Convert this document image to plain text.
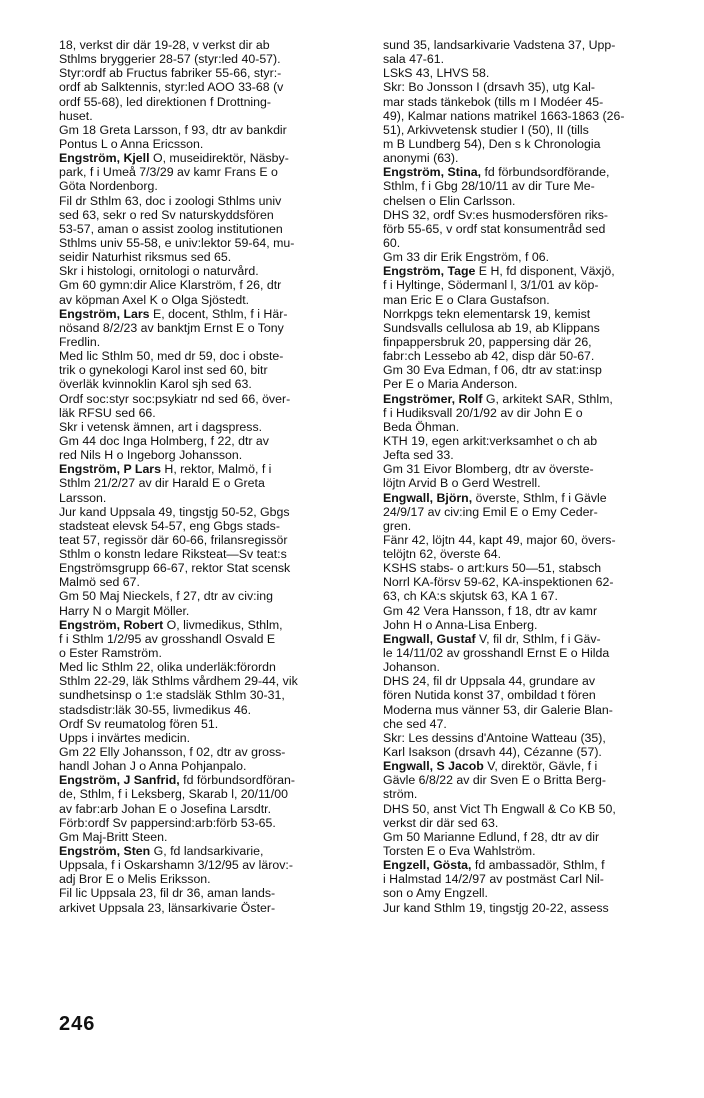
18, verkst dir där 19-28, v verkst dir ab
Sthlms bryggerier 28-57 (styr:led 40-57).
Styr:ordf ab Fructus fabriker 55-66, styr:-
ordf ab Salktennis, styr:led AOO 33-68 (v
ordf 55-68), led direktionen f Drottning-
huset.
Gm 18 Greta Larsson, f 93, dtr av bankdir
Pontus L o Anna Ericsson.
Engström, Kjell O, museidirektör, Näsby-
park, f i Umeå 7/3/29 av kamr Frans E o
Göta Nordenborg.
Fil dr Sthlm 63, doc i zoologi Sthlms univ
sed 63, sekr o red Sv naturskyddsfören
53-57, aman o assist zoolog institutionen
Sthlms univ 55-58, e univ:lektor 59-64, mu-
seidir Naturhist riksmus sed 65.
Skr i histologi, ornitologi o naturvård.
Gm 60 gymn:dir Alice Klarström, f 26, dtr
av köpman Axel K o Olga Sjöstedt.
Engström, Lars E, docent, Sthlm, f i Här-
nösand 8/2/23 av banktjm Ernst E o Tony
Fredlin.
Med lic Sthlm 50, med dr 59, doc i obste-
trik o gynekologi Karol inst sed 60, bitr
överläk kvinnoklin Karol sjh sed 63.
Ordf soc:styr soc:psykiatr nd sed 66, över-
läk RFSU sed 66.
Skr i vetensk ämnen, art i dagspress.
Gm 44 doc Inga Holmberg, f 22, dtr av
red Nils H o Ingeborg Johansson.
Engström, P Lars H, rektor, Malmö, f i
Sthlm 21/2/27 av dir Harald E o Greta
Larsson.
Jur kand Uppsala 49, tingstjg 50-52, Gbgs
stadsteat elevsk 54-57, eng Gbgs stads-
teat 57, regissör där 60-66, frilansregissör
Sthlm o konstn ledare Riksteat—Sv teat:s
Engströmsgrupp 66-67, rektor Stat scensk
Malmö sed 67.
Gm 50 Maj Nieckels, f 27, dtr av civ:ing
Harry N o Margit Möller.
Engström, Robert O, livmedikus, Sthlm,
f i Sthlm 1/2/95 av grosshandl Osvald E
o Ester Ramström.
Med lic Sthlm 22, olika underläk:förordn
Sthlm 22-29, läk Sthlms vårdhem 29-44, vik
sundhetsinsp o 1:e stadsläk Sthlm 30-31,
stadsdistr:läk 30-55, livmedikus 46.
Ordf Sv reumatolog fören 51.
Upps i invärtes medicin.
Gm 22 Elly Johansson, f 02, dtr av gross-
handl Johan J o Anna Pohjanpalo.
Engström, J Sanfrid, fd förbundsordföran-
de, Sthlm, f i Leksberg, Skarab l, 20/11/00
av fabr:arb Johan E o Josefina Larsdtr.
Förb:ordf Sv pappersind:arb:förb 53-65.
Gm Maj-Britt Steen.
Engström, Sten G, fd landsarkivarie,
Uppsala, f i Oskarshamn 3/12/95 av lärov:-
adj Bror E o Melis Eriksson.
Fil lic Uppsala 23, fil dr 36, aman lands-
arkivet Uppsala 23, länsarkivarie Öster-
sund 35, landsarkivarie Vadstena 37, Upp-
sala 47-61.
LSkS 43, LHVS 58.
Skr: Bo Jonsson I (drsavh 35), utg Kal-
mar stads tänkebok (tills m I Modéer 45-
49), Kalmar nations matrikel 1663-1863 (26-
51), Arkivvetensk studier I (50), II (tills
m B Lundberg 54), Den s k Chronologia
anonymi (63).
Engström, Stina, fd förbundsordförande,
Sthlm, f i Gbg 28/10/11 av dir Ture Me-
chelsen o Elin Carlsson.
DHS 32, ordf Sv:es husmodersfören riks-
förb 55-65, v ordf stat konsumentråd sed
60.
Gm 33 dir Erik Engström, f 06.
Engström, Tage E H, fd disponent, Växjö,
f i Hyltinge, Södermanl l, 3/1/01 av köp-
man Eric E o Clara Gustafson.
Norrkpgs tekn elementarsk 19, kemist
Sundsvalls cellulosa ab 19, ab Klippans
finpappersbruk 20, pappersing där 26,
fabr:ch Lessebo ab 42, disp där 50-67.
Gm 30 Eva Edman, f 06, dtr av stat:insp
Per E o Maria Anderson.
Engströmer, Rolf G, arkitekt SAR, Sthlm,
f i Hudiksvall 20/1/92 av dir John E o
Beda Öhman.
KTH 19, egen arkit:verksamhet o ch ab
Jefta sed 33.
Gm 31 Eivor Blomberg, dtr av överste-
löjtn Arvid B o Gerd Westrell.
Engwall, Björn, överste, Sthlm, f i Gävle
24/9/17 av civ:ing Emil E o Emy Ceder-
gren.
Fänr 42, löjtn 44, kapt 49, major 60, övers-
telöjtn 62, överste 64.
KSHS stabs- o art:kurs 50—51, stabsch
Norrl KA-försv 59-62, KA-inspektionen 62-
63, ch KA:s skjutsk 63, KA 1 67.
Gm 42 Vera Hansson, f 18, dtr av kamr
John H o Anna-Lisa Enberg.
Engwall, Gustaf V, fil dr, Sthlm, f i Gäv-
le 14/11/02 av grosshandl Ernst E o Hilda
Johanson.
DHS 24, fil dr Uppsala 44, grundare av
fören Nutida konst 37, ombildad t fören
Moderna mus vänner 53, dir Galerie Blan-
che sed 47.
Skr: Les dessins d'Antoine Watteau (35),
Karl Isakson (drsavh 44), Cézanne (57).
Engwall, S Jacob V, direktör, Gävle, f i
Gävle 6/8/22 av dir Sven E o Britta Berg-
ström.
DHS 50, anst Vict Th Engwall & Co KB 50,
verkst dir där sed 63.
Gm 50 Marianne Edlund, f 28, dtr av dir
Torsten E o Eva Wahlström.
Engzell, Gösta, fd ambassadör, Sthlm, f
i Halmstad 14/2/97 av postmäst Carl Nil-
son o Amy Engzell.
Jur kand Sthlm 19, tingstjg 20-22, assess
246
